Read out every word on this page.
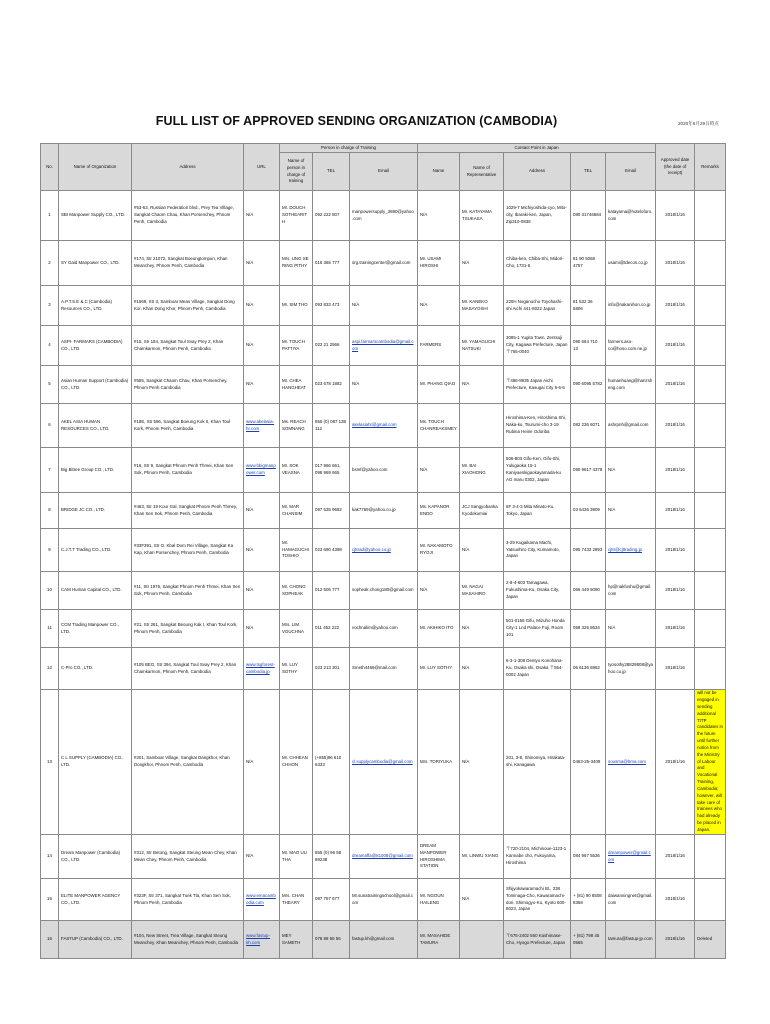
FULL LIST OF APPROVED SENDING ORGANIZATION (CAMBODIA)	2020年6月29日時点
No.	Name of Organization	Address	URL	Person in charge of Training			Contact Point in Japan					Approved date (the date of receipt)	Remarks
				Name of person in charge of training	TEL	Email	Name	Name of Representative	Address	TEL	Email		
1	SBI Manpower Supply CO., LTD.	#53-63, Russian Federation blvd., Prey Tea Village, Sangkat Chaom Chau, Khan Porsenchey, Phnom Penh, Cambodia	N/A	Mr. DOUCH SOTHEARITH	092 222 807	manpowersupply_3690@yahoo.com	N/A	Mr. KATAYAMA TSUKASA	1029-7 Michiyoshida-cyo, Mito-city, Ibaraki-ken, Japan, Zip310-0836	080 31746684	katayama@hotelofuro.com	2018/1/16	
2	SY Gaid Manpower CO., LTD.	#174, Str 21072, Sangkat Boeungtompun, Khan Meanchey, Phnom Penh, Cambodia	N/A	Mrs. UNG SE RING PITHY	016 365 777	srg.trainingcenter@gmail.com	Mr. USAMI HIROSHI	N/A	Chiba-ken, Chiba-Shi, Midori-Cho, 1731-6	81 90 5068 4757	usami@tdecos.co.jp	2018/1/16	
3	A.P.T.S.E & C (Cambodia) Resources CO., LTD.	#1669, Str 3, Samboar Meas Village, Sangkat Dong Kor, Khan Dong Khor, Phnom Penh, Cambodia	N/A	Mr. SIM THO	093 833 473	N/A	N/A	Mr. KANEKO MASAYOSHI	220H Noganocho Toyohashi-shi Aichi 441-8022 Japan	81 532 36 5806	info@nakanihon.co.jp	2018/1/16	
4	ASPI- FARMARS (CAMBODIA) CO., LTD.	#15, Str 184, Sangkat Toul Svay Prey 2, Khan Chamkarmon, Phnom Penh, Cambodia	N/A	Mr. TOUCH PATTIYA	023 21 2566	aspi.farmarscambodia@gmail.com	FARMERS	Mr. YAMAGUCHI NATSUKI	3085-1 Yugita Town, Zentsuji City, Kagawa Prefecture, Japan 〒765-0040	090 664 710 13	farmers.aso-co@hoso.com.ne.jp	2018/1/16	
5	Asian Human Support (Cambodia) CO., LTD.	#555, Sangkat Chaom Chau, Khan Porsenchey, Phnom Penh Cambodia	N/A	Mr. CHEA HANGHEAT	023 678 1882	N/A	Mr. PHANG QIAO	N/A	〒486-8935 Japan Aichi Prefecture, Kasugai City 6-6-6	090 6095 5782	humanhuang@hanzsheng.com	2018/1/16	
6	AKEL ASIA HUMAN RESOURCES CO., LTD.	#18E, Str 596, Sangkat Boeung Kok II, Khan Toul Kork, Phnom Penh, Cambodia	www.akelasia-hr.com	Ms. REACH SOMNANG	855 (0) 087 138 112	akelasiahr@gmail.com	Ms. TOUCH CHANREAKSMEY		Hiroshima-Ken, Hiroshima Shi, Naka-ku, Tsurumi-cho 3-19 Rubina Heine Odoriba	082 236 6071	ashrpnh@gmail.com	2018/1/16	
7	Big Bitree Group CO., LTD.	#16, Str 9, Sangkat Phnom Penh Thmei, Khan Sen Sok, Phnom Penh, Cambodia	www.bbigmanpower.com	Mr. SOK VEASNA	017 966 661, 098 969 665	bsmf@yahoo.com	N/A	Mr. BAI XIAOHONG	506-803 Gifu-Ken, Gifu-Shi, Yukigaoka 15-1 Kaniyaeskigaokayamada-ku AG maru 0302, Japan	090 9617 4378	N/A	2018/1/16	
8	BRIDGE JC CO., LTD.	#463, Str 19 Kour Gal, Sangkat Phnom Penh Thmey, Khan Sen Sok, Phnom Penh, Cambodia	N/A	Mr. MAR CHANSIM	097 535 9682	kak7769@yahoo.co.jp	Ms. KAPANOR ENDO	JCJ Sangyobanka Kyodokumiai	6F 3-4-3 Mita Minato-Ku, Tokyo, Japan	03 6436 3909	N/A	2018/1/16	
9	C.J.T.T Trading CO., LTD.	#33F391, Str O. Kbal Dom Rei Village, Sangkat Ka Kap, Khan Porsenchey, Phnom Penh, Cambodia	N/A	Mr. HAMAGUCHI TOSHIO	023 690 4398	cjttrad@yahoo.co.jp	Mr. NAKAMOTO RYOJI	N/A	3-29 Kugaikama Machi, Yatsushiro City, Kumamoto, Japan	090 7433 2893	cjttr@cjttrading.jp	2018/1/16	
10	CAM Human Capital CO., LTD.	#11, Str 1976, Sangkat Phnom Penh Thmei, Khan Sen Sok, Phnom Penh, Cambodia	N/A	Mr. CHONG SOPHEAK	012 505 777	sopheak.chong180@gmail.com	N/A	Mr. NAGAI MASAHIRO	2-8-4-603 Tamagawa, Fukushima-Ku, Osaka City, Japan	066 449 5090	hp@nakfoshu@gmail.com	2018/1/16	
11	CCM Trading Manpower CO., LTD.	#21, Str 261, Sangkat Beoung Kak I, Khan Toul Kork, Phnom Penh, Cambodia	N/A	Mrs. LIM VOUCHNA	011 452 222	vochnalim@yahoo.com	Mr. AKIHIKO ITO	N/A	501-0156 Gifu, Mizuho Honda City-1 Lnd Palace Fuji, Room 101	058 326 8634	N/A	2018/1/16	
12	C-Pro CO., LTD.	#105 BEG, Str 394, Sangkat Toul Svay Prey 2, Khan Chamkarmon, Phnom Penh, Cambodia	www.tsgforest-cambodia.jp	Mr. LUY SOTHY	023 213 301	Smeth4469@mail.com	Mr. LUY SOTHY	N/A	6-3-1-308 Dentyo Konohana-Ku, Osaka shi, Osaka 〒554-0002 Japan	06 6136 6962	tyosothy28829808@yahoo.co.jp	2018/1/16	
13	C L SUPPLY (CAMBODIA) CO., LTD.	#201, Samboar Village, Sangkat Dangkhor, Khan Dongkhor, Phnom Penh, Cambodia	N/A	Mr. CHHEAN CHHON	(+855)96 610 6333	cl.supplycambodia@gmail.com	Mrs. TORIYUKA	N/A	201, 3-8, Shinomiya, Hirakata-shi, Kanagawa	0463-25-3409	sousma@bma.com	2018/1/16	will not be engaged in sending additional TITP candidates in the future until further notice from the Ministry of Labour and Vocational Training, Cambodia; however, will take care of trainees who had already be placed in Japan.
14	Dream Manpower (Cambodia) CO., LTD.	#312, Str Betong, Sangkat Steung Mean Chey, Khan Mean Chey, Phnom Penh, Cambodia	N/A	Mr. MAO UU THA	855 (0) 96 58 89238	dreamaffa@81008@gmail.com	DREAM MANPOWER HIROSHIMA STATION	Mr. LINWU XIANG	〒720-2104, Michinoue-1123-1 Kannabe cho, Fukuyama, Hiroshima	084 967 5536	dreampower@gmail.com	2018/1/16	
15	ELITE MANPOWER AGENCY CO., LTD.	#323F, Str 371, Sangkat Tuek Tla, Khan Sen Sok, Phnom Penh, Cambodia	www.emacambodia.com	Mrs. CHAN THEARY	087 767 677	Mr.sunatrainingschool@gmail.com	Mr. NGOUN HAILENG	N/A	Shijyokawaramachi Bl., 338 Tominaga-Cho, Kawaramachi-dori, Shimogyo-Ku, Kyoto 600-8023, Japan	+ (81) 90 8508 8368	daiwanningnet@gmail.com	2018/1/16	
16	FASTUP (Cambodia) CO., LTD.	#104, New Street, Trea Village, Sangkat Steung Meanchey, Khan Meanchey, Phnom Penh, Cambodia	www.fastup-kh.com	MEY SAMETH	078 88 56 56	fastup.kh@gmail.com	Mr. MASAHIDE TAMURA		〒675-2402 560 Kashimase-Cho, Hyogo Prefecture, Japan	+ (81) 798 45 0565	tamura@fastup-jp.com	2018/1/16	Deleted
